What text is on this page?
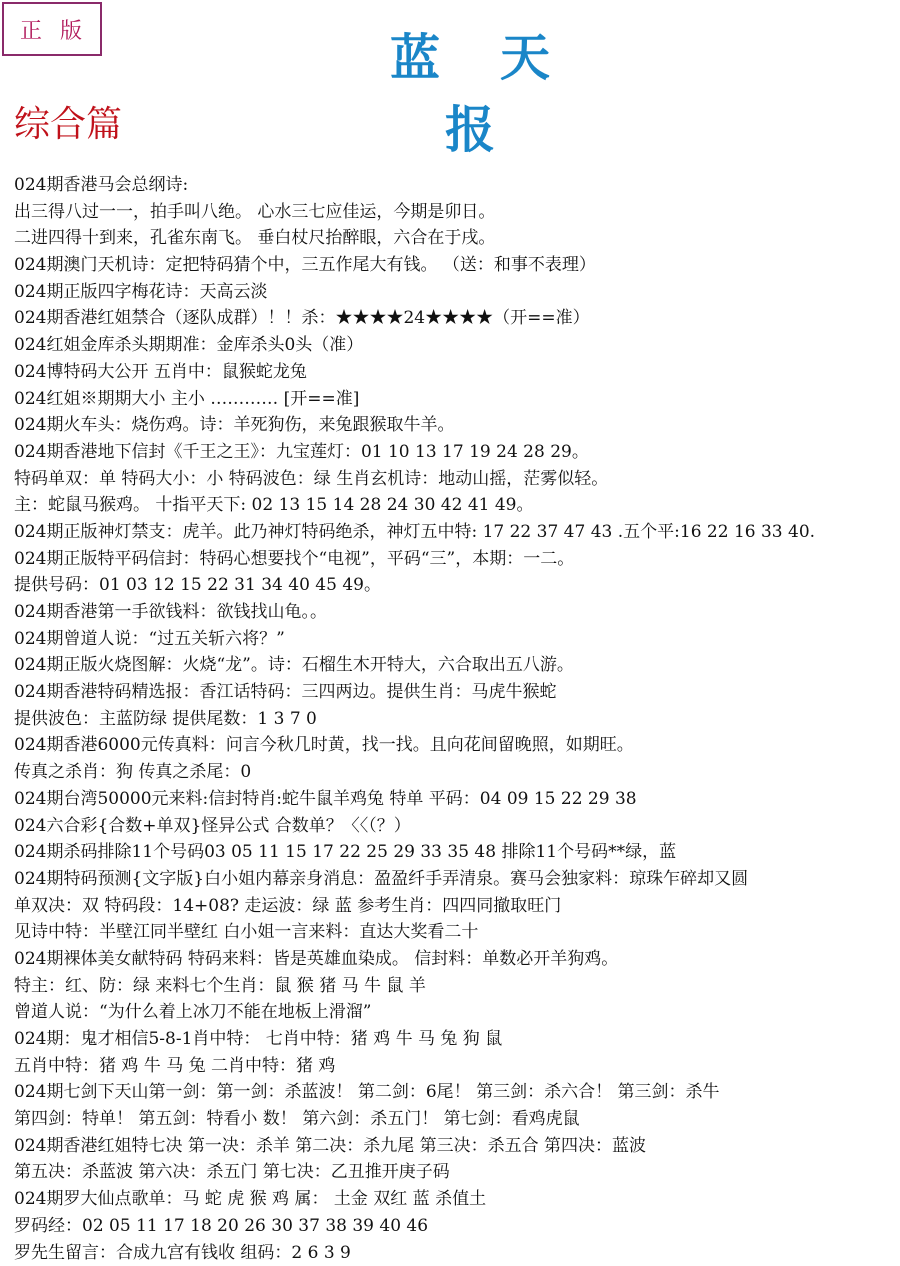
正版	蓝天报
综合篇
024期香港马会总纲诗:
出三得八过一一，拍手叫八绝。 心水三七应佳运，今期是卯日。
二进四得十到来，孔雀东南飞。 垂白杖尺抬醉眼，六合在于戌。
024期澳门天机诗：定把特码猜个中，三五作尾大有钱。 （送：和事不表理）
024期正版四字梅花诗：天高云淡
024期香港红姐禁合（逐队成群）！！杀：★★★★24★★★★（开==准）
024红姐金库杀头期期准：金库杀头0头（准）
024博特码大公开 五肖中：鼠猴蛇龙兔
024红姐※期期大小 主小 ………… [开==准]
024期火车头：烧伤鸡。诗：羊死狗伤，来兔跟猴取牛羊。
024期香港地下信封《千王之王》：九宝莲灯：01 10 13 17 19 24 28 29。
特码单双：单 特码大小：小 特码波色：绿 生肖玄机诗：地动山摇，茫雾似轻。
主：蛇鼠马猴鸡。 十指平天下: 02 13 15 14 28 24 30 42 41 49。
024期正版神灯禁支：虎羊。此乃神灯特码绝杀，神灯五中特: 17 22 37 47 43 .五个平:16 22 16 33 40.
024期正版特平码信封：特码心想要找个“电视”，平码“三”，本期：一二。
提供号码：01 03 12 15 22 31 34 40 45 49。
024期香港第一手欲钱料：欲钱找山龟。。
024期曾道人说：“过五关斩六将？”
024期正版火烧图解：火烧“龙”。诗：石榴生木开特大，六合取出五八游。
024期香港特码精选报：香江话特码：三四两边。提供生肖：马虎牛猴蛇
提供波色：主蓝防绿 提供尾数：1 3 7 0
024期香港6000元传真料：问言今秋几时黄，找一找。且向花间留晚照，如期旺。
传真之杀肖：狗 传真之杀尾：0
024期台湾50000元来料:信封特肖:蛇牛鼠羊鸡兔 特单 平码：04 09 15 22 29 38
024六合彩{合数+单双}怪异公式 合数单？〈〈（？）
024期杀码排除11个号码03 05 11 15 17 22 25 29 33 35 48 排除11个号码**绿，蓝
024期特码预测{文字版}白小姐内幕亲身消息：盈盈纤手弄清泉。赛马会独家料：琼珠乍碎却又圆
单双决：双 特码段：14+08? 走运波：绿 蓝 参考生肖：四四同撤取旺门
见诗中特：半壁江同半壁红 白小姐一言来料：直达大奖看二十
024期裸体美女献特码 特码来料：皆是英雄血染成。 信封料：单数必开羊狗鸡。
特主：红、防：绿 来料七个生肖：鼠 猴 猪 马 牛 鼠 羊
曾道人说：“为什么着上冰刀不能在地板上滑溜”
024期：鬼才相信5-8-1肖中特： 七肖中特：猪 鸡 牛 马 兔 狗 鼠
五肖中特：猪 鸡 牛 马 兔 二肖中特：猪 鸡
024期七剑下天山第一剑：第一剑：杀蓝波！ 第二剑：6尾！ 第三剑：杀六合！ 第三剑：杀牛
第四剑：特单！ 第五剑：特看小 数！ 第六剑：杀五门！ 第七剑：看鸡虎鼠
024期香港红姐特七决 第一决：杀羊 第二决：杀九尾 第三决：杀五合 第四决：蓝波
第五决：杀蓝波 第六决：杀五门 第七决：乙丑推开庚子码
024期罗大仙点歌单：马 蛇 虎 猴 鸡 属： 土金 双红 蓝 杀值土
罗码经：02 05 11 17 18 20 26 30 37 38 39 40 46
罗先生留言：合成九宫有钱收 组码：2 6 3 9
